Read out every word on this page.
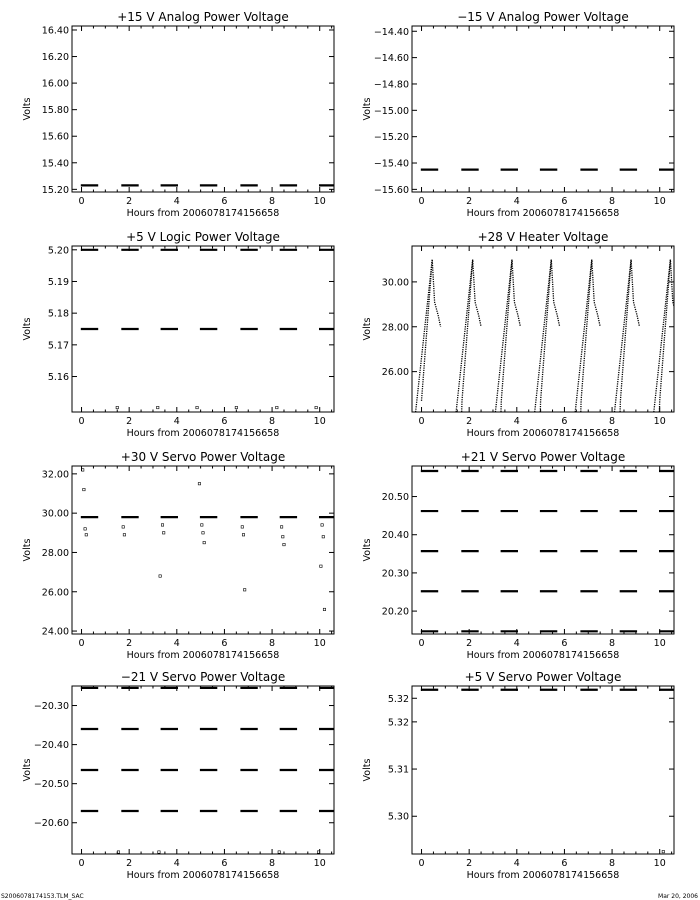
+15 V Analog Power Voltage
0	2	4	6	8	10
15.20
15.40
15.60
15.80
16.00
16.20
16.40
Hours from 2006078174156658
Volts
−15 V Analog Power Voltage
0	2	4	6	8	10
−15.60
−15.40
−15.20
−15.00
−14.80
−14.60
−14.40
Hours from 2006078174156658
Volts
+5 V Logic Power Voltage
0	2	4	6	8	10
5.16
5.17
5.18
5.19
5.20
Hours from 2006078174156658
Volts
+28 V Heater Voltage
0	2	4	6	8	10
26.00
28.00
30.00
Hours from 2006078174156658
Volts
+30 V Servo Power Voltage
0	2	4	6	8	10
24.00
26.00
28.00
30.00
32.00
Hours from 2006078174156658
Volts
+21 V Servo Power Voltage
0	2	4	6	8	10
20.20
20.30
20.40
20.50
Hours from 2006078174156658
Volts
−21 V Servo Power Voltage
0	2	4	6	8	10
−20.60
−20.50
−20.40
−20.30
Hours from 2006078174156658
Volts
+5 V Servo Power Voltage
0	2	4	6	8	10
5.30
5.31
5.32
5.32
Hours from 2006078174156658
Volts
S2006078174153.TLM_SAC	Mar 20, 2006
